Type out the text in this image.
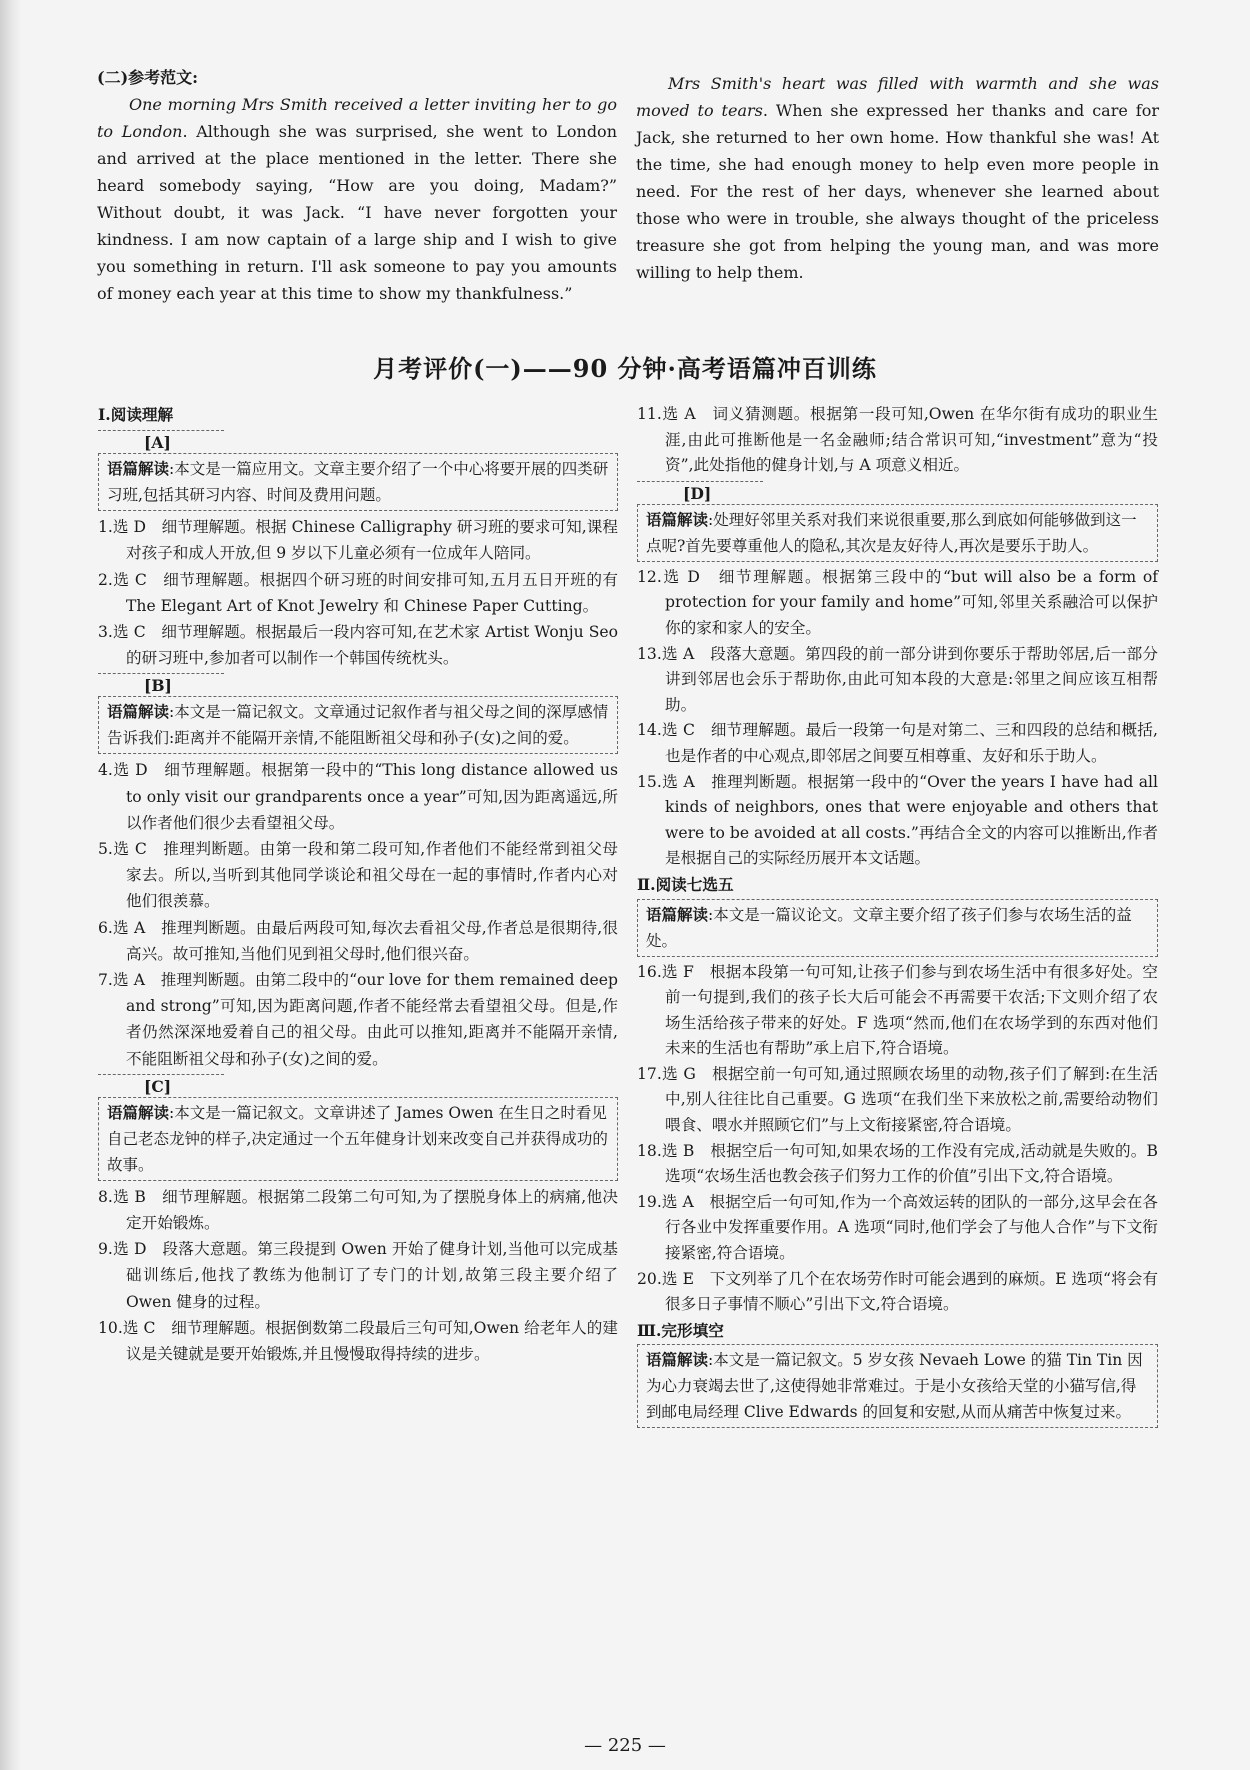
(二)参考范文:

One morning Mrs Smith received a letter inviting her to go to London. Although she was surprised, she went to London and arrived at the place mentioned in the letter. There she heard somebody saying, “How are you doing, Madam?” Without doubt, it was Jack. “I have never forgotten your kindness. I am now captain of a large ship and I wish to give you something in return. I'll ask someone to pay you amounts of money each year at this time to show my thankfulness.”

Mrs Smith's heart was filled with warmth and she was moved to tears. When she expressed her thanks and care for Jack, she returned to her own home. How thankful she was! At the time, she had enough money to help even more people in need. For the rest of her days, whenever she learned about those who were in trouble, she always thought of the priceless treasure she got from helping the young man, and was more willing to help them.

月考评价(一)——90 分钟·高考语篇冲百训练
Ⅰ.阅读理解
[A]
语篇解读:本文是一篇应用文。文章主要介绍了一个中心将要开展的四类研习班,包括其研习内容、时间及费用问题。

1.选 D　细节理解题。根据 Chinese Calligraphy 研习班的要求可知,课程对孩子和成人开放,但 9 岁以下儿童必须有一位成年人陪同。

2.选 C　细节理解题。根据四个研习班的时间安排可知,五月五日开班的有 The Elegant Art of Knot Jewelry 和 Chinese Paper Cutting。

3.选 C　细节理解题。根据最后一段内容可知,在艺术家 Artist Wonju Seo 的研习班中,参加者可以制作一个韩国传统枕头。

[B]
语篇解读:本文是一篇记叙文。文章通过记叙作者与祖父母之间的深厚感情告诉我们:距离并不能隔开亲情,不能阻断祖父母和孙子(女)之间的爱。

4.选 D　细节理解题。根据第一段中的“This long distance allowed us to only visit our grandparents once a year”可知,因为距离遥远,所以作者他们很少去看望祖父母。

5.选 C　推理判断题。由第一段和第二段可知,作者他们不能经常到祖父母家去。所以,当听到其他同学谈论和祖父母在一起的事情时,作者内心对他们很羡慕。

6.选 A　推理判断题。由最后两段可知,每次去看祖父母,作者总是很期待,很高兴。故可推知,当他们见到祖父母时,他们很兴奋。

7.选 A　推理判断题。由第二段中的“our love for them remained deep and strong”可知,因为距离问题,作者不能经常去看望祖父母。但是,作者仍然深深地爱着自己的祖父母。由此可以推知,距离并不能隔开亲情,不能阻断祖父母和孙子(女)之间的爱。

[C]
语篇解读:本文是一篇记叙文。文章讲述了 James Owen 在生日之时看见自己老态龙钟的样子,决定通过一个五年健身计划来改变自己并获得成功的故事。

8.选 B　细节理解题。根据第二段第二句可知,为了摆脱身体上的病痛,他决定开始锻炼。

9.选 D　段落大意题。第三段提到 Owen 开始了健身计划,当他可以完成基础训练后,他找了教练为他制订了专门的计划,故第三段主要介绍了 Owen 健身的过程。

10.选 C　细节理解题。根据倒数第二段最后三句可知,Owen 给老年人的建议是关键就是要开始锻炼,并且慢慢取得持续的进步。

11.选 A　词义猜测题。根据第一段可知,Owen 在华尔街有成功的职业生涯,由此可推断他是一名金融师;结合常识可知,“investment”意为“投资”,此处指他的健身计划,与 A 项意义相近。

[D]
语篇解读:处理好邻里关系对我们来说很重要,那么到底如何能够做到这一点呢?首先要尊重他人的隐私,其次是友好待人,再次是要乐于助人。

12.选 D　细节理解题。根据第三段中的“but will also be a form of protection for your family and home”可知,邻里关系融洽可以保护你的家和家人的安全。

13.选 A　段落大意题。第四段的前一部分讲到你要乐于帮助邻居,后一部分讲到邻居也会乐于帮助你,由此可知本段的大意是:邻里之间应该互相帮助。

14.选 C　细节理解题。最后一段第一句是对第二、三和四段的总结和概括,也是作者的中心观点,即邻居之间要互相尊重、友好和乐于助人。

15.选 A　推理判断题。根据第一段中的“Over the years I have had all kinds of neighbors, ones that were enjoyable and others that were to be avoided at all costs.”再结合全文的内容可以推断出,作者是根据自己的实际经历展开本文话题。

Ⅱ.阅读七选五
语篇解读:本文是一篇议论文。文章主要介绍了孩子们参与农场生活的益处。

16.选 F　根据本段第一句可知,让孩子们参与到农场生活中有很多好处。空前一句提到,我们的孩子长大后可能会不再需要干农活;下文则介绍了农场生活给孩子带来的好处。F 选项“然而,他们在农场学到的东西对他们未来的生活也有帮助”承上启下,符合语境。

17.选 G　根据空前一句可知,通过照顾农场里的动物,孩子们了解到:在生活中,别人往往比自己重要。G 选项“在我们坐下来放松之前,需要给动物们喂食、喂水并照顾它们”与上文衔接紧密,符合语境。

18.选 B　根据空后一句可知,如果农场的工作没有完成,活动就是失败的。B 选项“农场生活也教会孩子们努力工作的价值”引出下文,符合语境。

19.选 A　根据空后一句可知,作为一个高效运转的团队的一部分,这早会在各行各业中发挥重要作用。A 选项“同时,他们学会了与他人合作”与下文衔接紧密,符合语境。

20.选 E　下文列举了几个在农场劳作时可能会遇到的麻烦。E 选项“将会有很多日子事情不顺心”引出下文,符合语境。

Ⅲ.完形填空
语篇解读:本文是一篇记叙文。5 岁女孩 Nevaeh Lowe 的猫 Tin Tin 因为心力衰竭去世了,这使得她非常难过。于是小女孩给天堂的小猫写信,得到邮电局经理 Clive Edwards 的回复和安慰,从而从痛苦中恢复过来。
— 225 —
